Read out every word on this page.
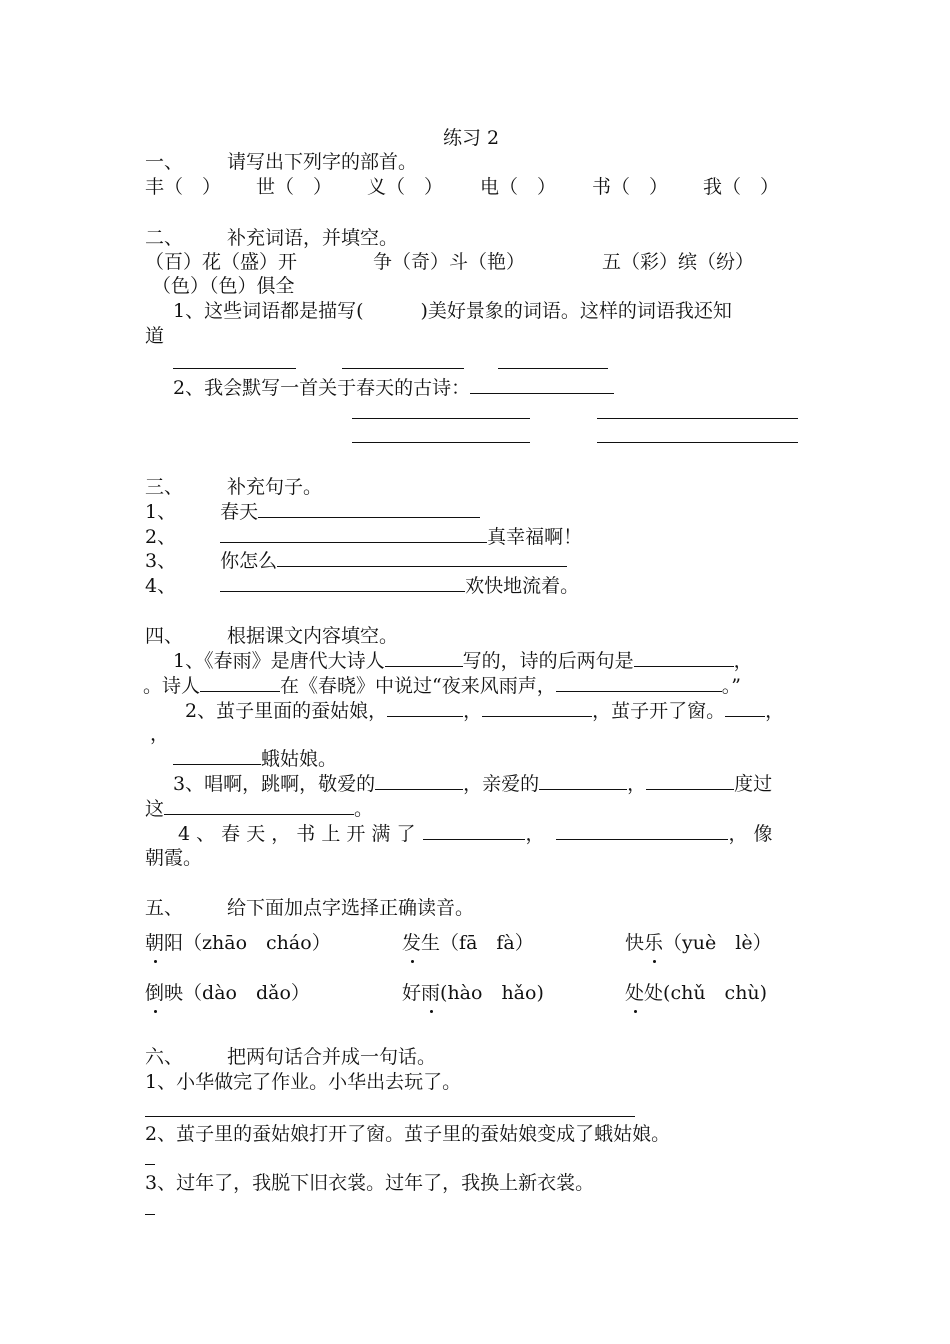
练习 2
一、 请写出下列字的部首。
丰（　） 世（　） 义（　） 电（　） 书（　） 我（　）
二、 补充词语，并填空。
（百）花（盛）开	争（奇）斗（艳）	五（彩）缤（纷）
（色）（色）俱全
1、这些词语都是描写(　　　)美好景象的词语。这样的词语我还知
道
2、我会默写一首关于春天的古诗：
三、 补充句子。
1、 春天
2、	真幸福啊！
3、 你怎么
4、	欢快地流着。
四、 根据课文内容填空。
1、《春雨》是唐代大诗人	写的，诗的后两句是	，
。诗人	在《春晓》中说过“夜来风雨声，	。”
2、茧子里面的蚕姑娘，	，	，茧子开了窗。 ，
，
蛾姑娘。
3、唱啊，跳啊，敬爱的	，亲爱的	，	度过
这	。
4 、 春 天 ， 书 上 开 满 了	，	， 像
朝霞。
五、 给下面加点字选择正确读音。
朝阳（zhāo　cháo）	发生（fā　fà）	快乐（yuè　lè）
倒映（dào　dǎo）	好雨(hào　hǎo)	处处(chǔ　chù)
六、 把两句话合并成一句话。
1、小华做完了作业。小华出去玩了。
2、茧子里的蚕姑娘打开了窗。茧子里的蚕姑娘变成了蛾姑娘。
3、过年了，我脱下旧衣裳。过年了，我换上新衣裳。
